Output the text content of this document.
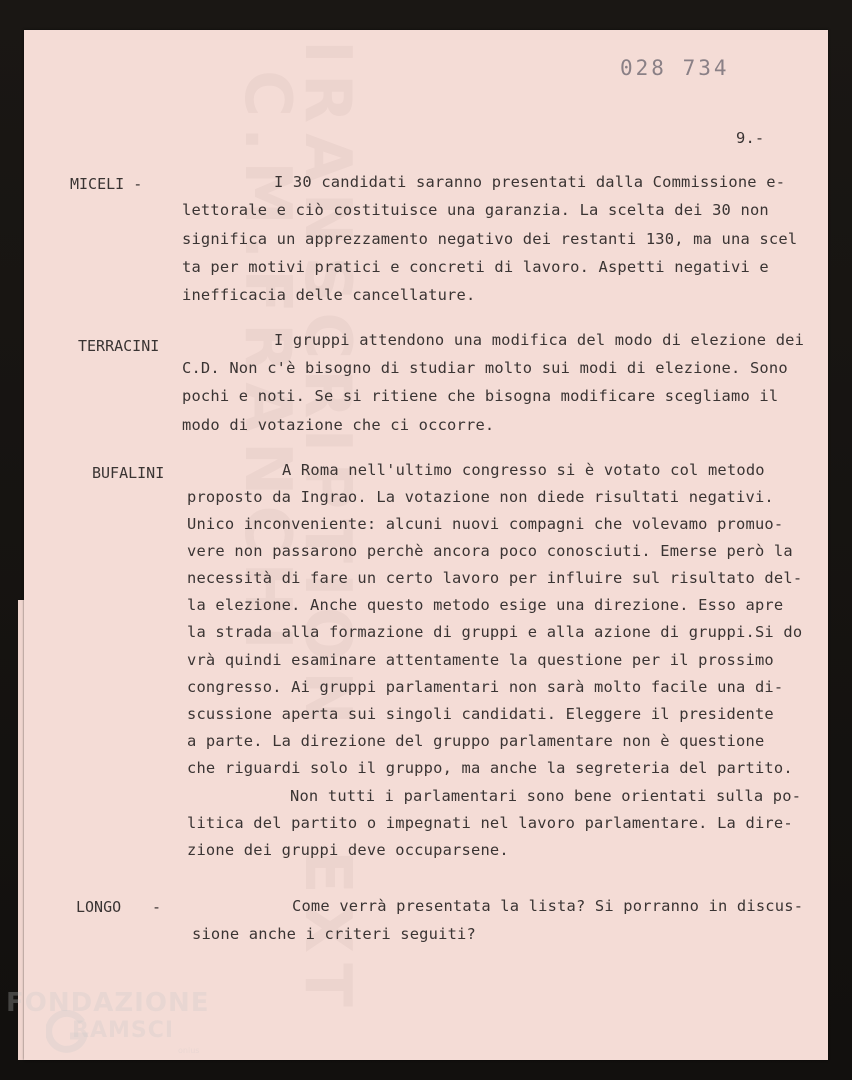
IRANSCRIPTION
C.M.FRANCHI
EXT
028 734
9.-
MICELI -	I 30 candidati saranno presentati dalla Commissione e-
lettorale e ciò costituisce una garanzia. La scelta dei 30 non
significa un apprezzamento negativo dei restanti 130, ma una scel
ta per motivi pratici e concreti di lavoro. Aspetti negativi e
inefficacia delle cancellature.
TERRACINI	I gruppi attendono una modifica del modo di elezione dei
C.D. Non c'è bisogno di studiar molto sui modi di elezione. Sono
pochi e noti. Se si ritiene che bisogna modificare scegliamo il
modo di votazione che ci occorre.
BUFALINI	A Roma nell'ultimo congresso si è votato col metodo
proposto da Ingrao. La votazione non diede risultati negativi.
Unico inconveniente: alcuni nuovi compagni che volevamo promuo-
vere non passarono perchè ancora poco conosciuti. Emerse però la
necessità di fare un certo lavoro per influire sul risultato del-
la elezione. Anche questo metodo esige una direzione. Esso apre
la strada alla formazione di gruppi e alla azione di gruppi.Si do
vrà quindi esaminare attentamente la questione per il prossimo
congresso. Ai gruppi parlamentari non sarà molto facile una di-
scussione aperta sui singoli candidati. Eleggere il presidente
a parte. La direzione del gruppo parlamentare non è questione
che riguardi solo il gruppo, ma anche la segreteria del partito.
Non tutti i parlamentari sono bene orientati sulla po-
litica del partito o impegnati nel lavoro parlamentare. La dire-
zione dei gruppi deve occuparsene.
LONGO -	Come verrà presentata la lista? Si porranno in discus-
sione anche i criteri seguiti?
FONDAZIONE
RAMSCI
onlus
